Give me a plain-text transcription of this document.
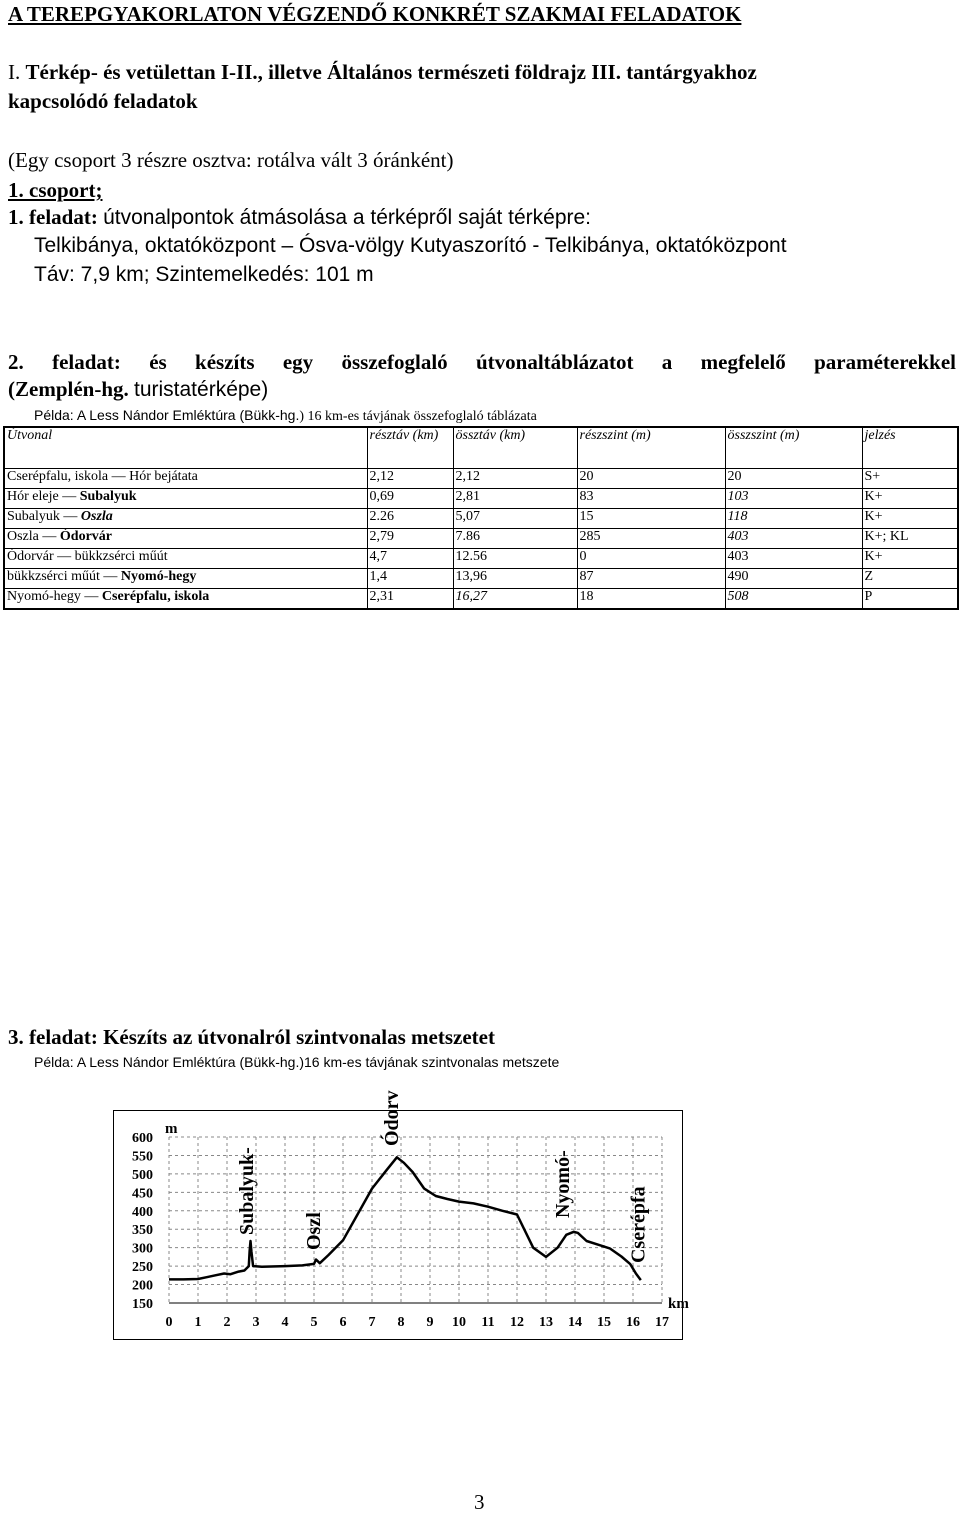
A TEREPGYAKORLATON VÉGZENDŐ KONKRÉT SZAKMAI FELADATOK
I. Térkép- és vetülettan I-II., illetve Általános természeti földrajz III. tantárgyakhoz
kapcsolódó feladatok
(Egy csoport 3 részre osztva: rotálva vált 3 óránként)
1. csoport;
1. feladat: útvonalpontok átmásolása a térképről saját térképre:
Telkibánya, oktatóközpont – Ósva-völgy Kutyaszorító - Telkibánya, oktatóközpont
Táv: 7,9 km; Szintemelkedés: 101 m
2. feladat: és készíts egy összefoglaló útvonaltáblázatot a megfelelő paraméterekkel
(Zemplén-hg. turistatérképe)
Példa: A Less Nándor Emléktúra (Bükk-hg.) 16 km-es távjának összefoglaló táblázata
Útvonal	résztáv (km)	össztáv (km)	részszint (m)	összszint (m)	jelzés
Cserépfalu, iskola — Hór bejátata	2,12	2,12	20	20	S+
Hór eleje — Subalyuk	0,69	2,81	83	103	K+
Subalyuk — Oszla	2.26	5,07	15	118	K+
Oszla — Ódorvár	2,79	7.86	285	403	K+; KL
Ódorvár — bükkzsérci műút	4,7	12.56	0	403	K+
bükkzsérci műút — Nyomó-hegy	1,4	13,96	87	490	Z
Nyomó-hegy — Cserépfalu, iskola	2,31	16,27	18	508	P
3. feladat: Készíts az útvonalról szintvonalas metszetet
Példa: A Less Nándor Emléktúra (Bükk-hg.)16 km-es távjának szintvonalas metszete
600
550
500
450
400
350
300
250
200
150
0 1 2 3 4 5 6 7 8 9 10 11 12 13 14 15 16 17
m
km
Subalyuk- Oszl
Ódorv
Nyomó-
Cserépfa
3
